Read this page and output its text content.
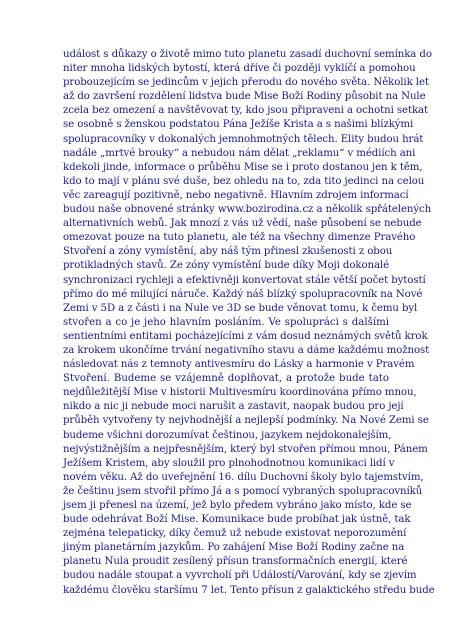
událost s důkazy o životě mimo tuto planetu zasadí duchovní semínka do
niter mnoha lidských bytostí, která dříve či později vyklíčí a pomohou
probouzejícím se jedincům v jejich přerodu do nového světa. Několik let
až do završení rozdělení lidstva bude Mise Boží Rodiny působit na Nule
zcela bez omezení a navštěvovat ty, kdo jsou připraveni a ochotni setkat
se osobně s ženskou podstatou Pána Ježíše Krista a s našimi blízkými
spolupracovníky v dokonalých jemnohmotných tělech. Elity budou hrát
nadále „mrtvé brouky“ a nebudou nám dělat „reklamu“ v médiích ani
kdekoli jinde, informace o průběhu Mise se i proto dostanou jen k těm,
kdo to mají v plánu své duše, bez ohledu na to, zda tito jedinci na celou
věc zareagují pozitivně, nebo negativně. Hlavním zdrojem informací
budou naše obnovené stránky www.bozirodina.cz a několik spřátelených
alternativních webů. Jak mnozí z vás už vědí, naše působení se nebude
omezovat pouze na tuto planetu, ale též na všechny dimenze Pravého
Stvoření a zóny vymístění, aby náš tým přinesl zkušenosti z obou
protikladných stavů. Ze zóny vymístění bude díky Moji dokonalé
synchronizaci rychleji a efektivněji konvertovat stále větší počet bytostí
přímo do mé milující náruče. Každý náš blízký spolupracovník na Nové
Zemi v 5D a z části i na Nule ve 3D se bude věnovat tomu, k čemu byl
stvořen a co je jeho hlavním posláním. Ve spolupráci s dalšími
sentientními entitami pocházejícími z vám dosud neznámých světů krok
za krokem ukončíme trvání negativního stavu a dáme každému možnost
následovat nás z temnoty antivesmíru do Lásky a harmonie v Pravém
Stvoření. Budeme se vzájemně doplňovat, a protože bude tato
nejdůležitější Mise v historii Multivesmíru koordinována přímo mnou,
nikdo a nic ji nebude moci narušit a zastavit, naopak budou pro její
průběh vytvořeny ty nejvhodnější a nejlepší podmínky. Na Nové Zemi se
budeme všichni dorozumívat češtinou, jazykem nejdokonalejším,
nejvýstižnějším a nejpřesnějším, který byl stvořen přímou mnou, Pánem
Ježíšem Kristem, aby sloužil pro plnohodnotnou komunikaci lidí v
novém věku. Až do uveřejnění 16. dílu Duchovní školy bylo tajemstvím,
že češtinu jsem stvořil přímo Já a s pomocí vybraných spolupracovníků
jsem ji přenesl na území, jež bylo předem vybráno jako místo, kde se
bude odehrávat Boží Mise. Komunikace bude probíhat jak ústně, tak
zejména telepaticky, díky čemuž už nebude existovat neporozumění
jiným planetárním jazykům. Po zahájení Mise Boží Rodiny začne na
planetu Nula proudit zesílený přísun transformačních energií, které
budou nadále stoupat a vyvrcholí při Událostí/Varování, kdy se zjevím
každému člověku staršímu 7 let. Tento přísun z galaktického středu bude
